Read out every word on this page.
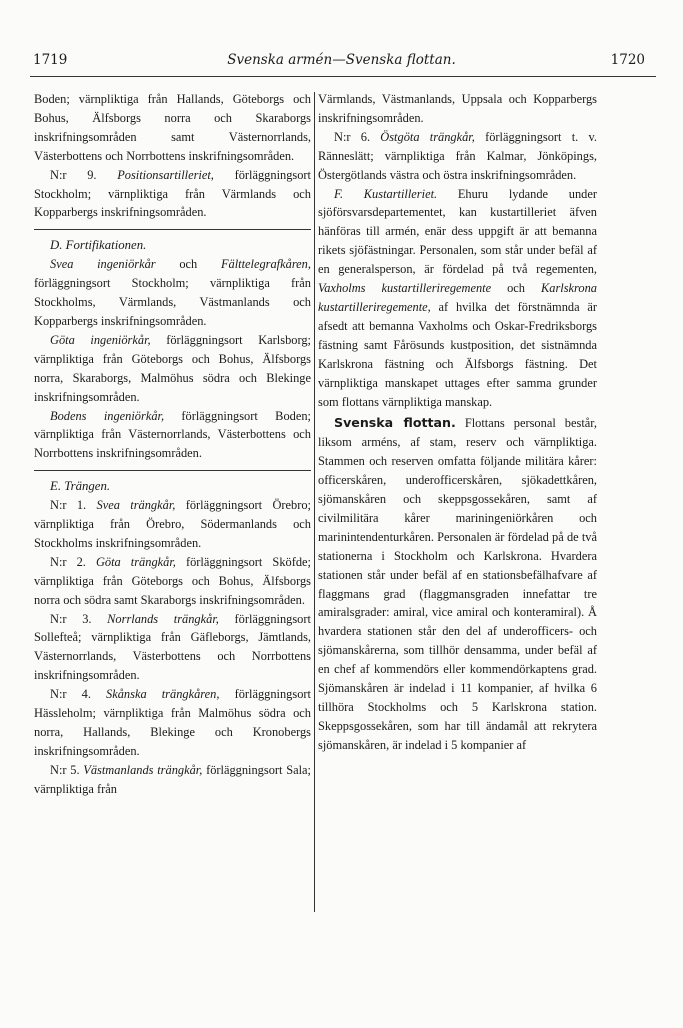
1719	Svenska armén—Svenska flottan.	1720

Boden; värnpliktiga från Hallands, Göteborgs och Bohus, Älfsborgs norra och Skaraborgs inskrifningsområden samt Västernorrlands, Västerbottens och Norrbottens inskrifningsområden.

N:r 9. Positionsartilleriet, förläggningsort Stockholm; värnpliktiga från Värmlands och Kopparbergs inskrifningsområden.

D. Fortifikationen.

Svea ingeniörkår och Fälttelegrafkåren, förläggningsort Stockholm; värnpliktiga från Stockholms, Värmlands, Västmanlands och Kopparbergs inskrifningsområden.

Göta ingeniörkår, förläggningsort Karlsborg; värnpliktiga från Göteborgs och Bohus, Älfsborgs norra, Skaraborgs, Malmöhus södra och Blekinge inskrifningsområden.

Bodens ingeniörkår, förläggningsort Boden; värnpliktiga från Västernorrlands, Västerbottens och Norrbottens inskrifningsområden.

E. Trängen.

N:r 1. Svea trängkår, förläggningsort Örebro; värnpliktiga från Örebro, Södermanlands och Stockholms inskrifningsområden.

N:r 2. Göta trängkår, förläggningsort Sköfde; värnpliktiga från Göteborgs och Bohus, Älfsborgs norra och södra samt Skaraborgs inskrifningsområden.

N:r 3. Norrlands trängkår, förläggningsort Sollefteå; värnpliktiga från Gäfleborgs, Jämtlands, Västernorrlands, Västerbottens och Norrbottens inskrifningsområden.

N:r 4. Skånska trängkåren, förläggningsort Hässleholm; värnpliktiga från Malmöhus södra och norra, Hallands, Blekinge och Kronobergs inskrifningsområden.

N:r 5. Västmanlands trängkår, förläggningsort Sala; värnpliktiga från

Värmlands, Västmanlands, Uppsala och Kopparbergs inskrifningsområden.

N:r 6. Östgöta trängkår, förläggningsort t. v. Ränneslätt; värnpliktiga från Kalmar, Jönköpings, Östergötlands västra och östra inskrifningsområden.

F. Kustartilleriet. Ehuru lydande under sjöförsvarsdepartementet, kan kustartilleriet äfven hänföras till armén, enär dess uppgift är att bemanna rikets sjöfästningar. Personalen, som står under befäl af en generalsperson, är fördelad på två regementen, Vaxholms kustartilleriregemente och Karlskrona kustartilleriregemente, af hvilka det förstnämnda är afsedt att bemanna Vaxholms och Oskar-Fredriksborgs fästning samt Fårösunds kustposition, det sistnämnda Karlskrona fästning och Älfsborgs fästning. Det värnpliktiga manskapet uttages efter samma grunder som flottans värnpliktiga manskap.

Svenska flottan. Flottans personal består, liksom arméns, af stam, reserv och värnpliktiga. Stammen och reserven omfatta följande militära kårer: officerskåren, underofficerskåren, sjökadettkåren, sjömanskåren och skeppsgossekåren, samt af civilmilitära kårer mariningeniörkåren och marinintendenturkåren. Personalen är fördelad på de två stationerna i Stockholm och Karlskrona. Hvardera stationen står under befäl af en stationsbefälhafvare af flaggmans grad (flaggmansgraden innefattar tre amiralsgrader: amiral, vice amiral och konteramiral). Å hvardera stationen står den del af underofficers- och sjömanskårerna, som tillhör densamma, under befäl af en chef af kommendörs eller kommendörkaptens grad. Sjömanskåren är indelad i 11 kompanier, af hvilka 6 tillhöra Stockholms och 5 Karlskrona station. Skeppsgossekåren, som har till ändamål att rekrytera sjömanskåren, är indelad i 5 kompanier af
